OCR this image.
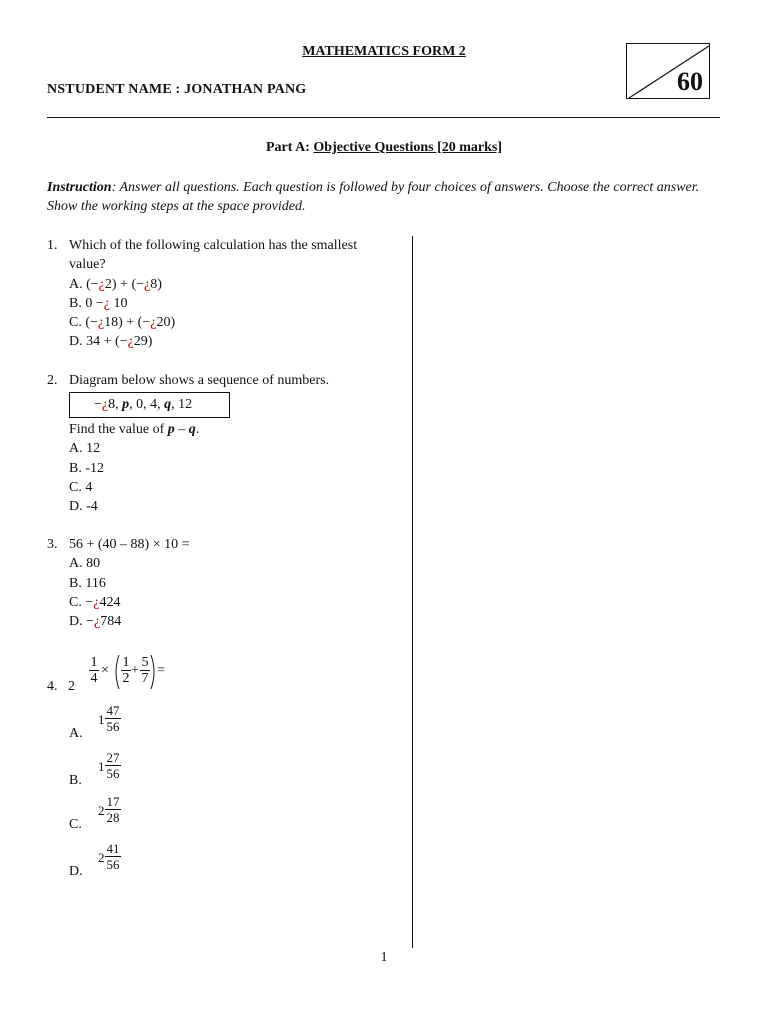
MATHEMATICS FORM 2
NSTUDENT NAME : JONATHAN PANG	60
Part A: Objective Questions [20 marks]
Instruction: Answer all questions. Each question is followed by four choices of answers. Choose the correct answer. Show the working steps at the space provided.
1. Which of the following calculation has the smallest
value?
A. (−¿2) + (−¿8)
B. 0 −¿ 10
C. (−¿18) + (−¿20)
D. 34 + (−¿29)
2. Diagram below shows a sequence of numbers.
−¿8, p, 0, 4, q, 12
Find the value of p – q.
A. 12
B. -12
C. 4
D. -4
3. 56 + (40 – 88) × 10 =
A. 80
B. 116
C. −¿424
D. −¿784
4. 2
$\frac{1}{4} \times \frac{1}{2} + \frac{5}{7}$ =
A.
$1 \frac{47}{56}$
B.
$1 \frac{27}{56}$
C.
$2 \frac{17}{28}$
D.
$2 \frac{41}{56}$
1
